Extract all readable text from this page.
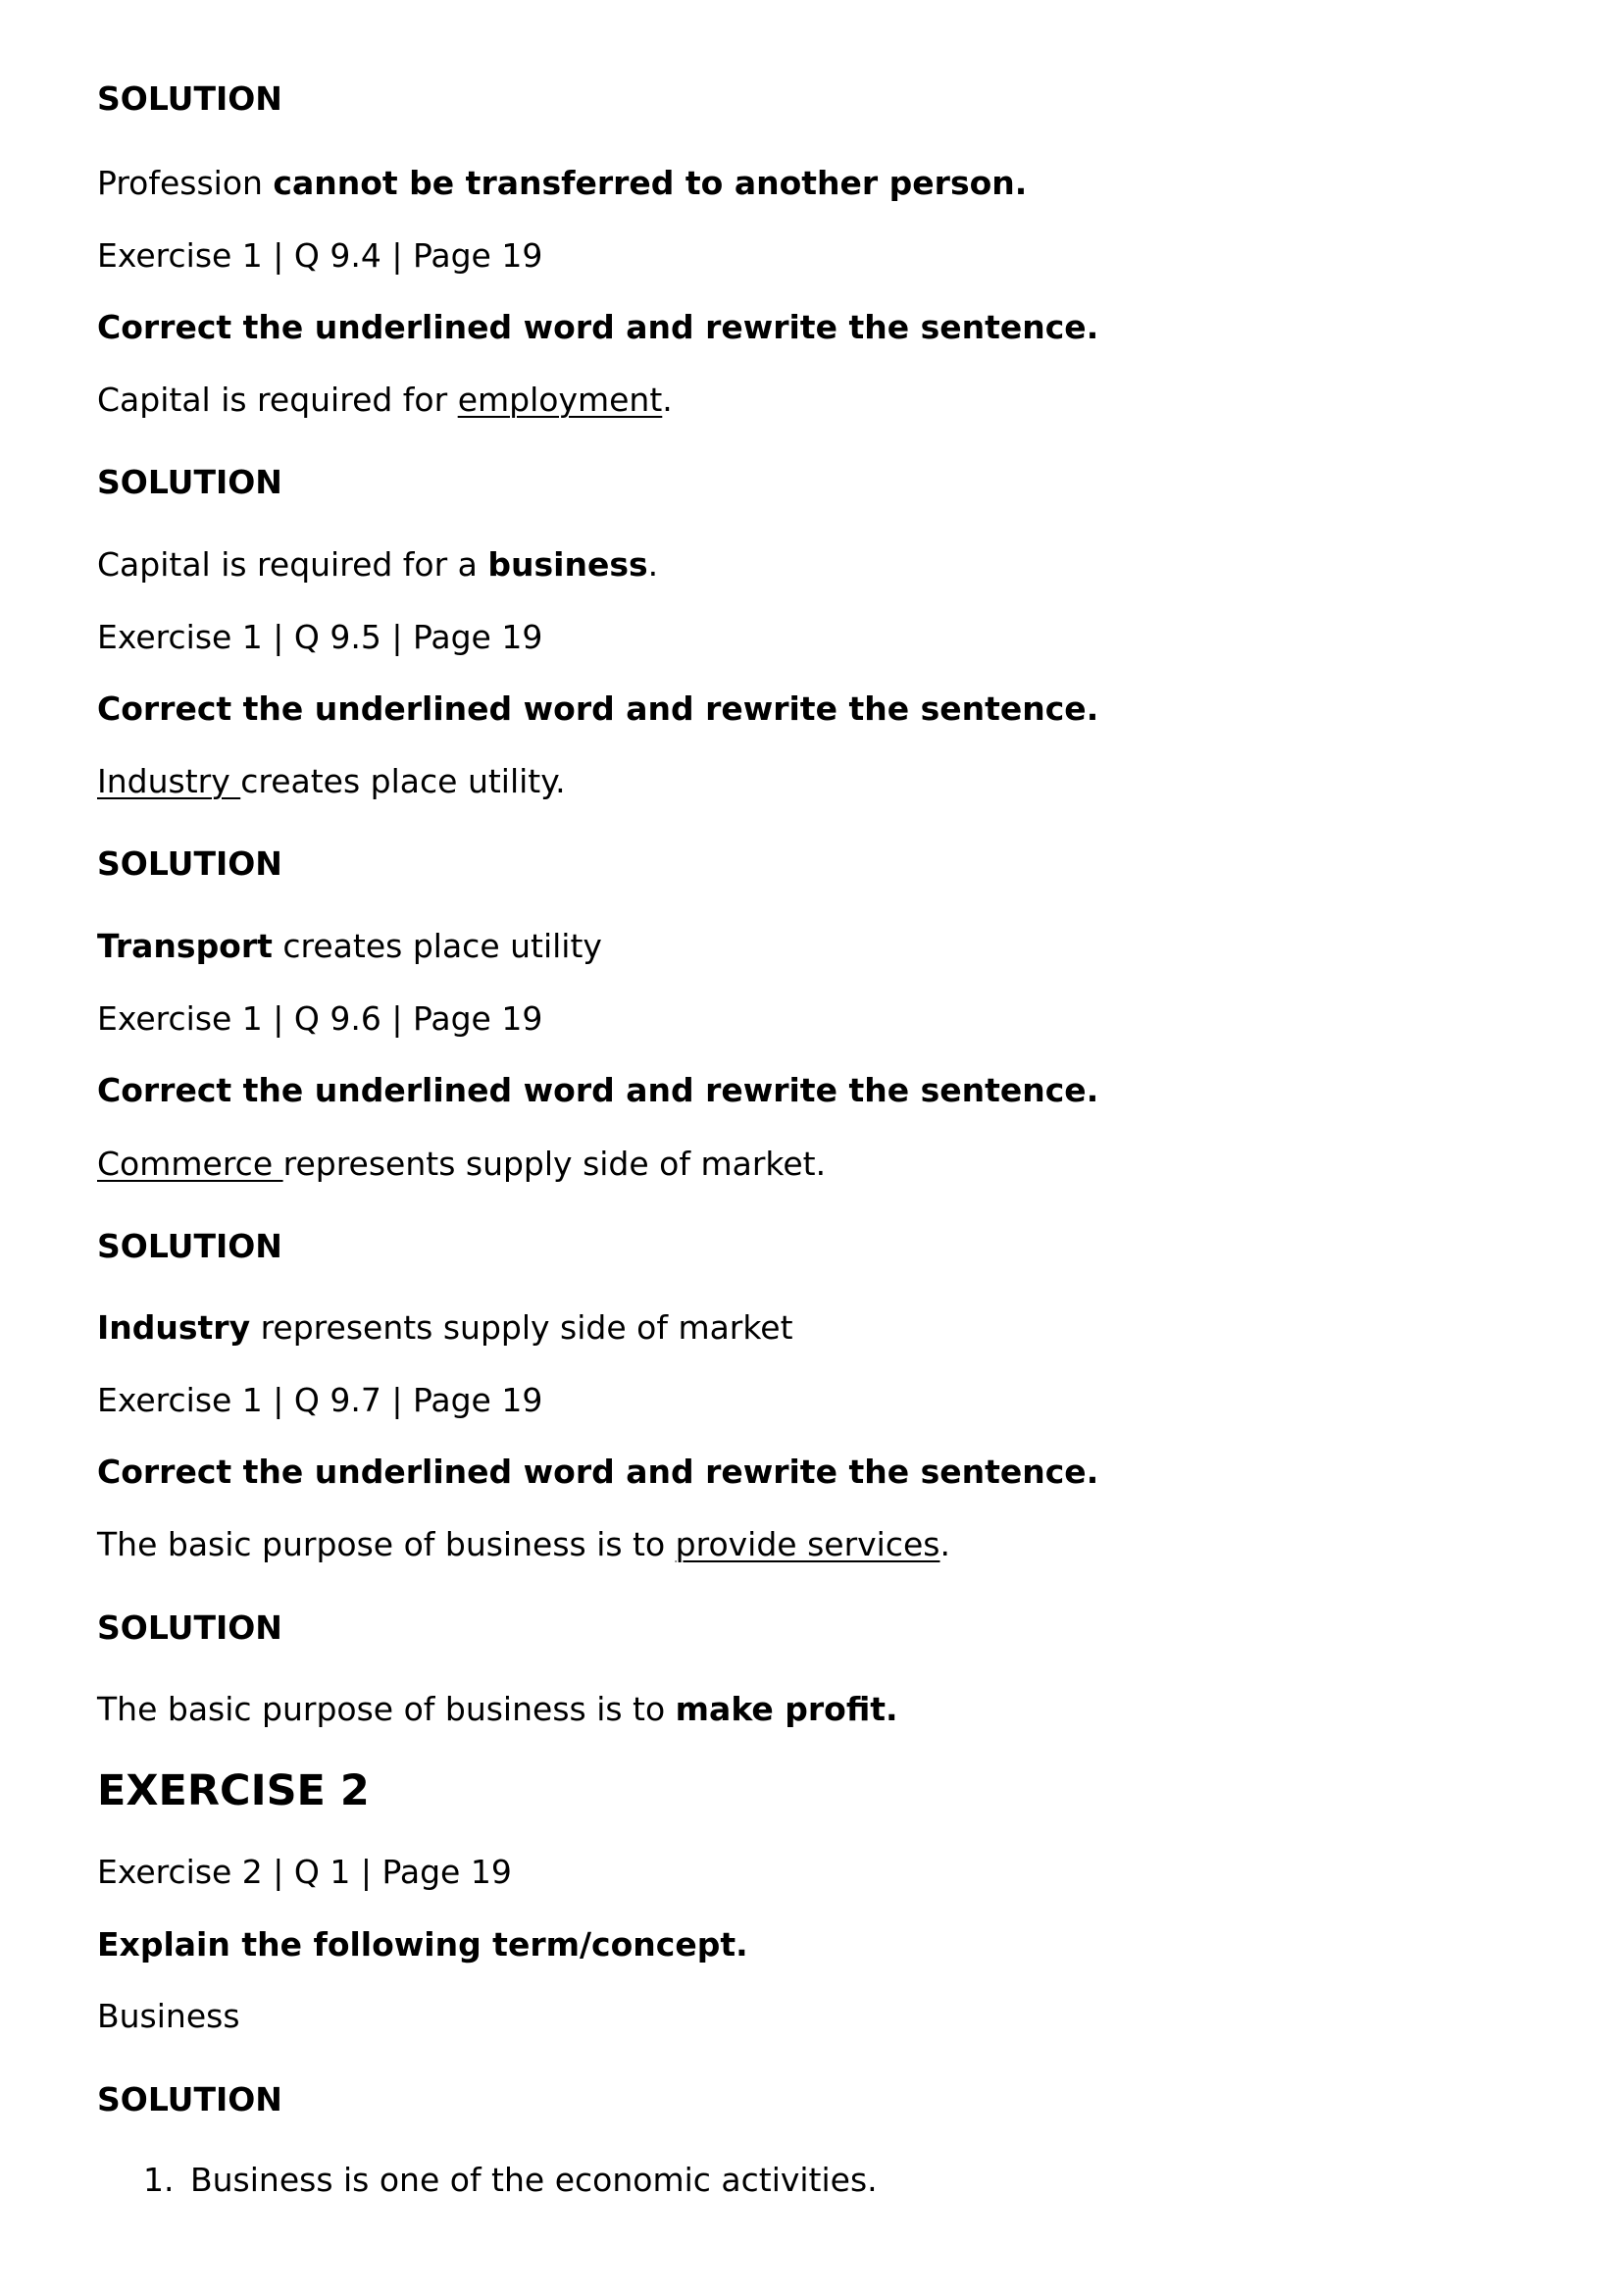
SOLUTION
Profession cannot be transferred to another person.
Exercise 1 | Q 9.4 | Page 19
Correct the underlined word and rewrite the sentence.
Capital is required for employment.
SOLUTION
Capital is required for a business.
Exercise 1 | Q 9.5 | Page 19
Correct the underlined word and rewrite the sentence.
Industry creates place utility.
SOLUTION
Transport creates place utility
Exercise 1 | Q 9.6 | Page 19
Correct the underlined word and rewrite the sentence.
Commerce represents supply side of market.
SOLUTION
Industry represents supply side of market
Exercise 1 | Q 9.7 | Page 19
Correct the underlined word and rewrite the sentence.
The basic purpose of business is to provide services.
SOLUTION
The basic purpose of business is to make profit.
EXERCISE 2
Exercise 2 | Q 1 | Page 19
Explain the following term/concept.
Business
SOLUTION
1. Business is one of the economic activities.
